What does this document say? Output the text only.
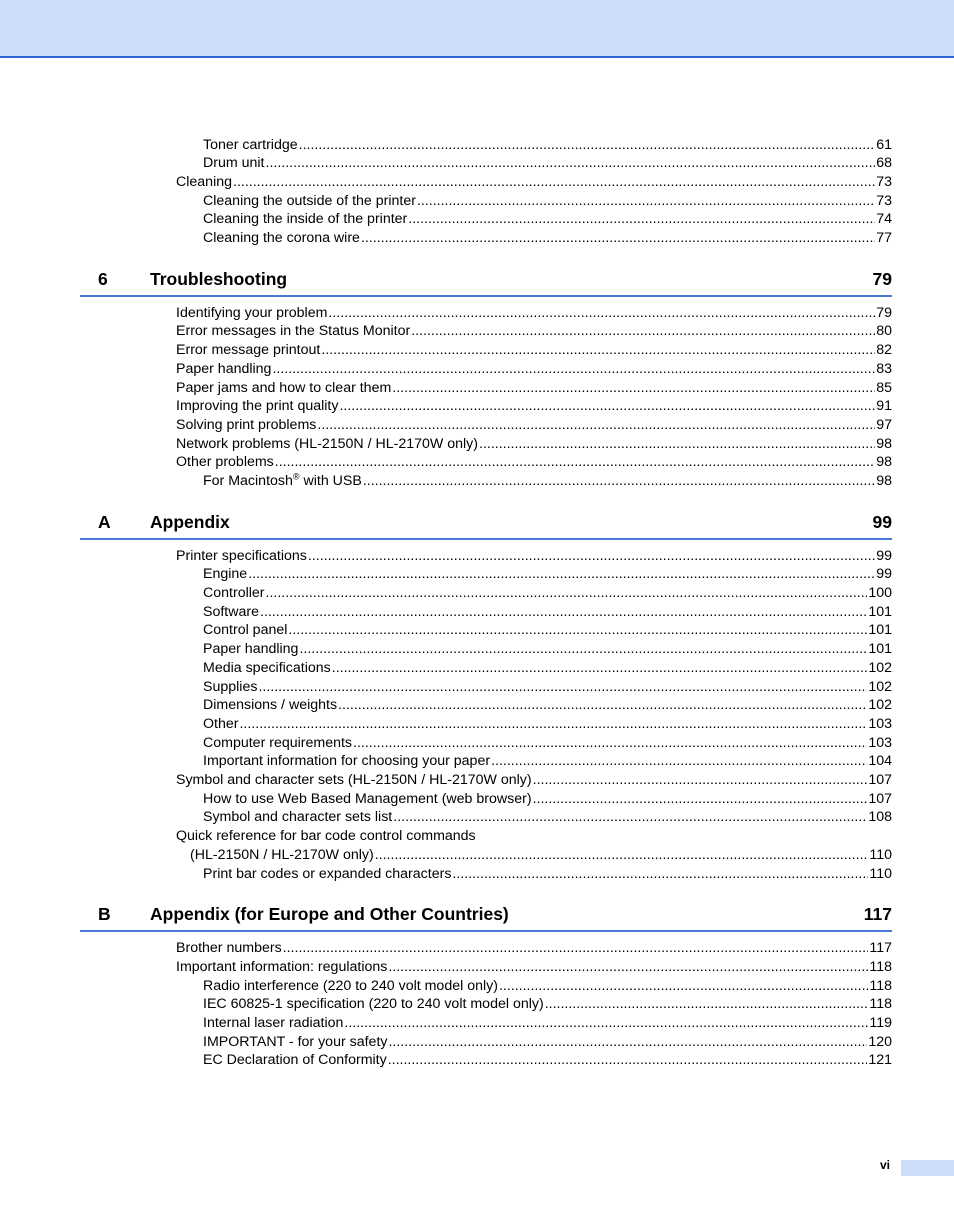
Toner cartridge .....	61
Drum unit .....	68
Cleaning .....	73
Cleaning the outside of the printer .....	73
Cleaning the inside of the printer .....	74
Cleaning the corona wire .....	77
6 Troubleshooting	79
Identifying your problem .....	79
Error messages in the Status Monitor .....	80
Error message printout .....	82
Paper handling .....	83
Paper jams and how to clear them .....	85
Improving the print quality .....	91
Solving print problems .....	97
Network problems (HL-2150N / HL-2170W only) .....	98
Other problems .....	98
For Macintosh® with USB .....	98
A Appendix	99
Printer specifications .....	99
Engine .....	99
Controller .....	100
Software .....	101
Control panel .....	101
Paper handling .....	101
Media specifications .....	102
Supplies .....	102
Dimensions / weights .....	102
Other .....	103
Computer requirements .....	103
Important information for choosing your paper .....	104
Symbol and character sets (HL-2150N / HL-2170W only) .....	107
How to use Web Based Management (web browser) .....	107
Symbol and character sets list .....	108
Quick reference for bar code control commands
(HL-2150N / HL-2170W only) .....	110
Print bar codes or expanded characters .....	110
B Appendix (for Europe and Other Countries)	117
Brother numbers .....	117
Important information: regulations .....	118
Radio interference (220 to 240 volt model only) .....	118
IEC 60825-1 specification (220 to 240 volt model only) .....	118
Internal laser radiation .....	119
IMPORTANT - for your safety .....	120
EC Declaration of Conformity .....	121
vi
